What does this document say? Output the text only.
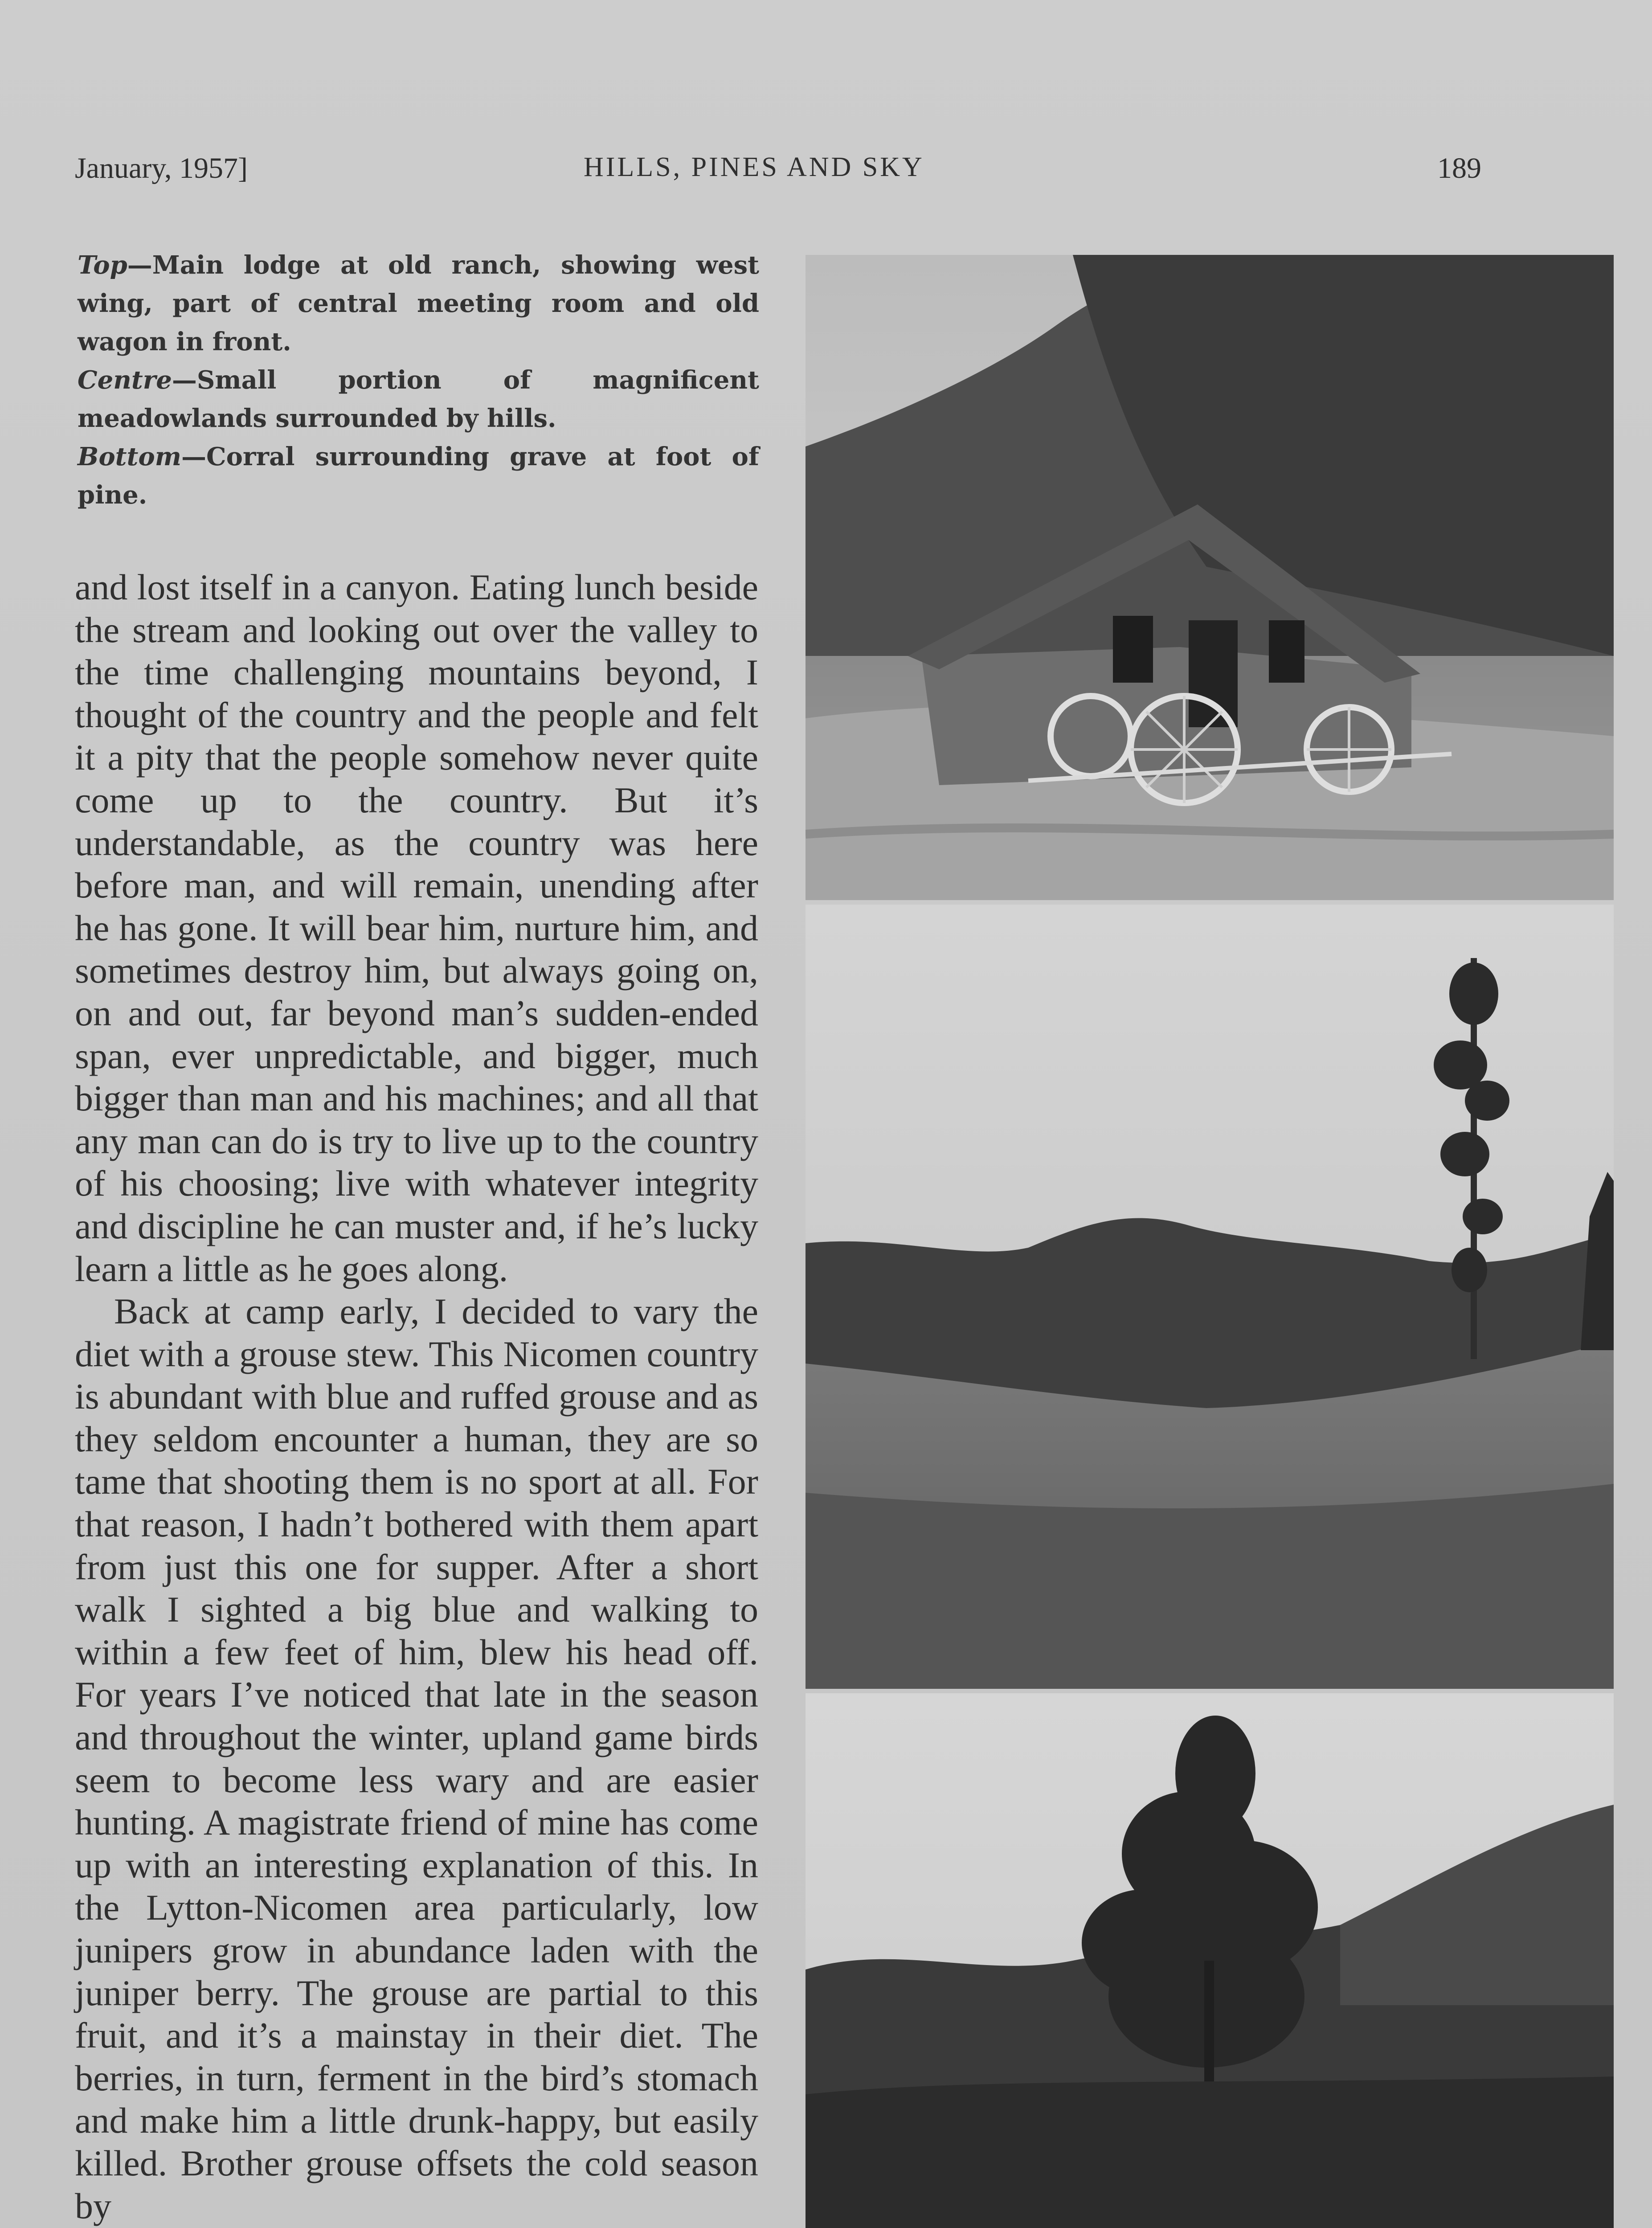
January, 1957]	HILLS, PINES AND SKY	189

Top—Main lodge at old ranch, showing west wing, part of central meeting room and old wagon in front.

Centre—Small portion of magnificent meadowlands surrounded by hills.

Bottom—Corral surrounding grave at foot of pine.

and lost itself in a canyon. Eating lunch beside the stream and looking out over the valley to the time challenging mountains beyond, I thought of the country and the people and felt it a pity that the people somehow never quite come up to the country. But it’s understandable, as the country was here before man, and will remain, unending after he has gone. It will bear him, nurture him, and sometimes destroy him, but always going on, on and out, far beyond man’s sudden-ended span, ever unpredictable, and bigger, much bigger than man and his machines; and all that any man can do is try to live up to the country of his choosing; live with whatever integrity and discipline he can muster and, if he’s lucky learn a little as he goes along.

Back at camp early, I decided to vary the diet with a grouse stew. This Nicomen country is abundant with blue and ruffed grouse and as they seldom encounter a human, they are so tame that shooting them is no sport at all. For that reason, I hadn’t bothered with them apart from just this one for supper. After a short walk I sighted a big blue and walking to within a few feet of him, blew his head off. For years I’ve noticed that late in the season and throughout the winter, upland game birds seem to become less wary and are easier hunting. A magistrate friend of mine has come up with an interesting explanation of this. In the Lytton-Nicomen area particularly, low junipers grow in abundance laden with the juniper berry. The grouse are partial to this fruit, and it’s a mainstay in their diet. The berries, in turn, ferment in the bird’s stomach and make him a little drunk-happy, but easily killed. Brother grouse offsets the cold season by
